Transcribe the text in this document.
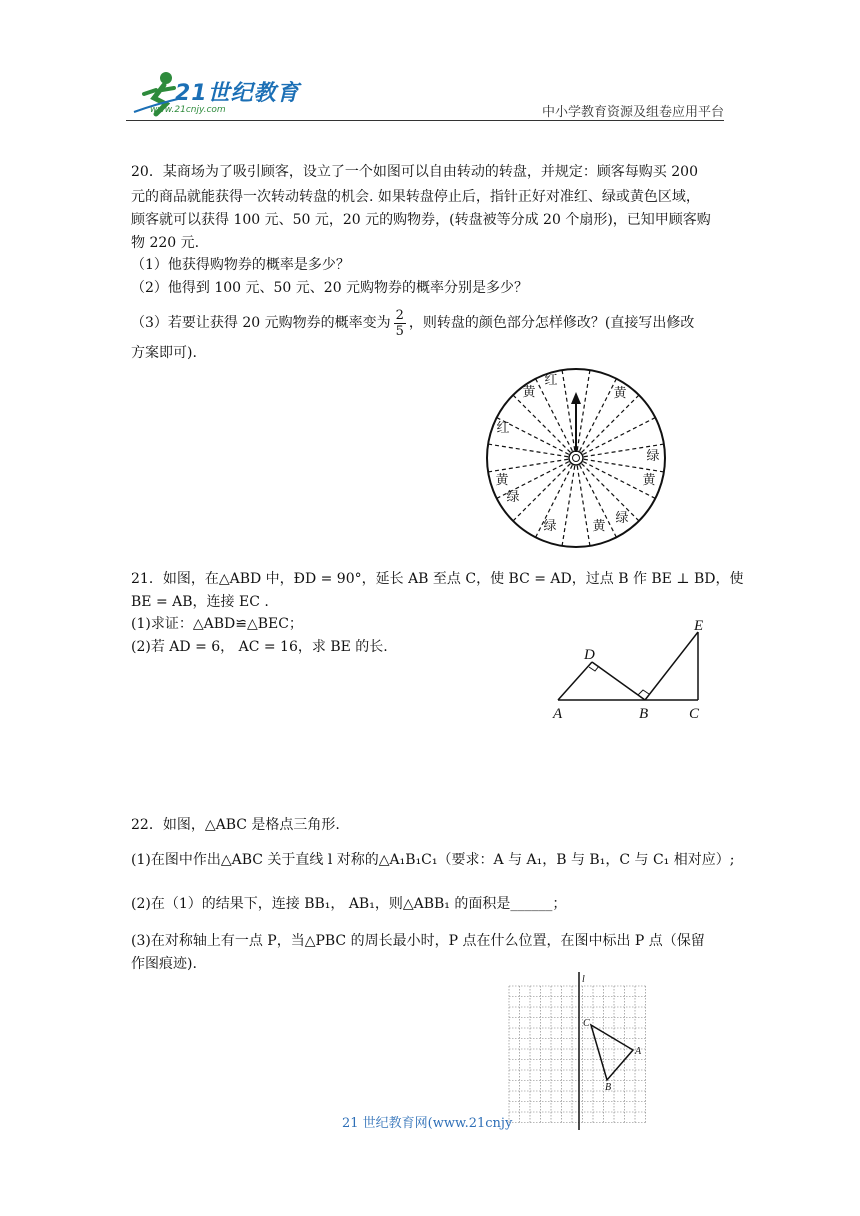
21世纪教育
www.21cnjy.com	中小学教育资源及组卷应用平台
20．某商场为了吸引顾客，设立了一个如图可以自由转动的转盘，并规定：顾客每购买 200
元的商品就能获得一次转动转盘的机会. 如果转盘停止后，指针正好对准红、绿或黄色区域，
顾客就可以获得 100 元、50 元，20 元的购物券，(转盘被等分成 20 个扇形)，已知甲顾客购
物 220 元.
（1）他获得购物券的概率是多少？
（2）他得到 100 元、50 元、20 元购物券的概率分别是多少？
（3）若要让获得 20 元购物券的概率变为 $\frac{2}{5}$ ，则转盘的颜色部分怎样修改？(直接写出修改
方案即可).
红
黄	黄
红
绿
黄	黄
绿
绿
黄
绿
21．如图，在△ABD 中，ÐD = 90°，延长 AB 至点 C，使 BC = AD，过点 B 作 BE ⊥ BD，使
BE = AB，连接 EC .
(1)求证：△ABD≌△BEC；
(2)若 AD = 6， AC = 16，求 BE 的长.	D
E
A	B	C
22．如图，△ABC 是格点三角形.
(1)在图中作出△ABC 关于直线 l 对称的△A₁B₁C₁（要求：A 与 A₁，B 与 B₁，C 与 C₁ 相对应）;
(2)在（1）的结果下，连接 BB₁， AB₁，则△ABB₁ 的面积是______；
(3)在对称轴上有一点 P，当△PBC 的周长最小时，P 点在什么位置，在图中标出 P 点（保留
作图痕迹).
l
C
A
B
21 世纪教育网(www.21cnjy
